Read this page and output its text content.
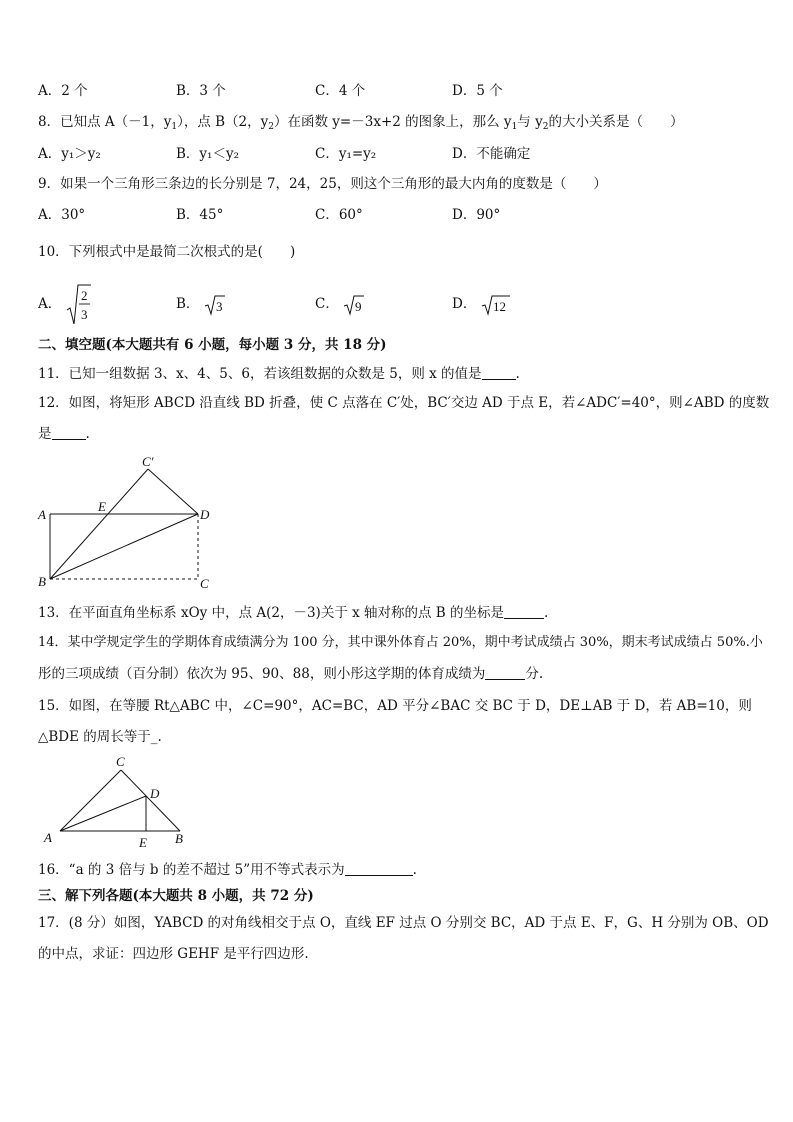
A．2 个	B．3 个	C．4 个	D．5 个
8．已知点 A（－1，$y_1$），点 B（2，$y_2$）在函数 y=－3x+2 的图象上，那么 $y_1$与 $y_2$的大小关系是（　　）
A．y₁＞y₂	B．y₁＜y₂	C．y₁=y₂	D．不能确定
9．如果一个三角形三条边的长分别是 7，24，25，则这个三角形的最大内角的度数是（　　）
A．30°	B．45°	C．60°	D．90°
10．下列根式中是最简二次根式的是(　　)
A．
2
3
B． 3	C． 9	D． 12
二、填空题(本大题共有 6 小题，每小题 3 分，共 18 分)
11．已知一组数据 3、x、4、5、6，若该组数据的众数是 5，则 x 的值是	.
12．如图，将矩形 ABCD 沿直线 BD 折叠，使 C 点落在 C′处，BC′交边 AD 于点 E，若∠ADC′=40°，则∠ABD 的度数
是	.
A
B	C
D
E
C′
13．在平面直角坐标系 xOy 中，点 A(2，－3)关于 x 轴对称的点 B 的坐标是	.
14．某中学规定学生的学期体育成绩满分为 100 分，其中课外体育占 20%，期中考试成绩占 30%，期末考试成绩占 50%.小
彤的三项成绩（百分制）依次为 95、90、88，则小彤这学期的体育成绩为	分.
15．如图，在等腰 Rt△ABC 中，∠C=90°，AC=BC，AD 平分∠BAC 交 BC 于 D，DE⊥AB 于 D，若 AB=10，则
△BDE 的周长等于_.
A	B
C
D
E
16．“a 的 3 倍与 b 的差不超过 5”用不等式表示为	.
三、解下列各题(本大题共 8 小题，共 72 分)
17．(8 分）如图，YABCD 的对角线相交于点 O，直线 EF 过点 O 分别交 BC，AD 于点 E、F，G、H 分别为 OB、OD
的中点，求证：四边形 GEHF 是平行四边形.
